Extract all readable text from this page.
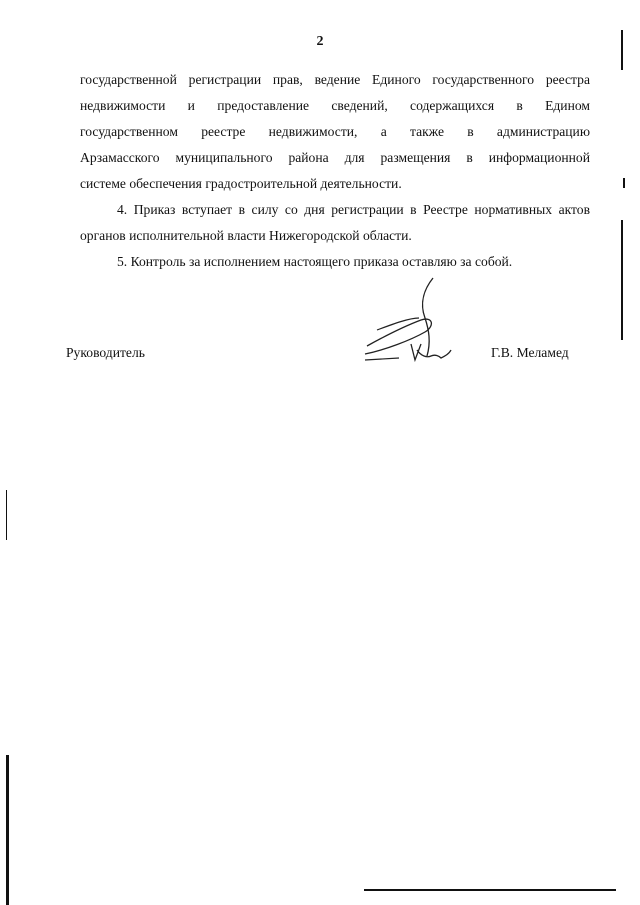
2
государственной регистрации прав, ведение Единого государственного реестра
недвижимости и предоставление сведений, содержащихся в Едином
государственном реестре недвижимости, а также в администрацию
Арзамасского муниципального района для размещения в информационной
системе обеспечения градостроительной деятельности.
4. Приказ вступает в силу со дня регистрации в Реестре нормативных актов
органов исполнительной власти Нижегородской области.
5. Контроль за исполнением настоящего приказа оставляю за собой.
Руководитель	Г.В. Меламед
